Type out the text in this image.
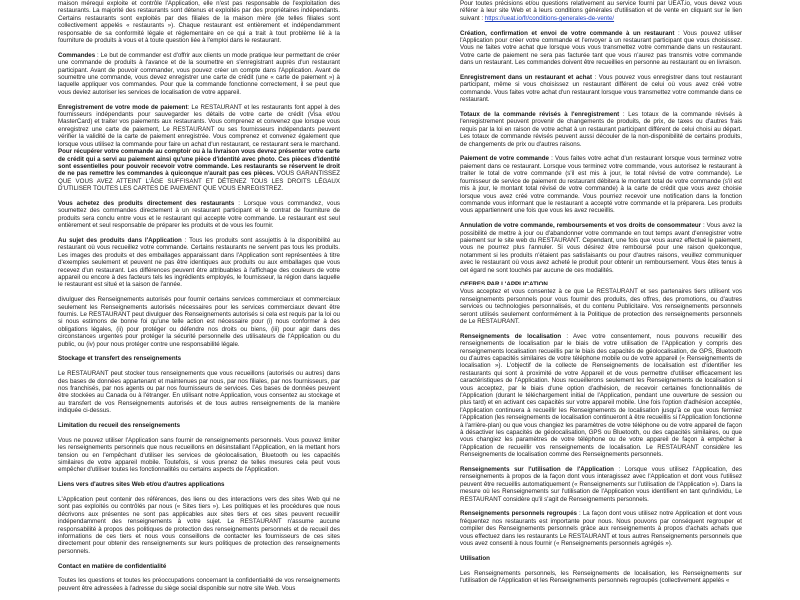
maison mérequi exploite et contrôle l'Application, elle n'est pas responsable de l'exploitation des restaurants. La majorité des restaurants sont détenus et exploités par des propriétaires indépendants. Certains restaurants sont exploités par des filiales de la maison mère (de telles filiales sont collectivement appelés « restaurants »). Chaque restaurant est entièrement et indépendamment responsable de sa conformité légale et réglementaire en ce qui a trait à tout problème lié à la fourniture de produits à vous et à toute question liée à l'emploi dans le restaurant.

Commandes : Le but de commander est d'offrir aux clients un mode pratique leur permettant de créer une commande de produits à l'avance et de la soumettre en s'enregistrant auprès d'un restaurant participant. Avant de pouvoir commander, vous pouvez créer un compte dans l'Application. Avant de soumettre une commande, vous devez enregistrer une carte de crédit (une « carte de paiement ») à laquelle appliquer vos commandes. Pour que la commande fonctionne correctement, il se peut que vous deviez autoriser les services de localisation de votre appareil.

Enregistrement de votre mode de paiement: Le RESTAURANT et les restaurants font appel à des fournisseurs indépendants pour sauvegarder les détails de votre carte de crédit (Visa et/ou MasterCard) et traiter vos paiements aux restaurants. Vous comprenez et convenez que lorsque vous enregistrez une carte de paiement, Le RESTAURANT ou ses fournisseurs indépendants peuvent vérifier la validité de la carte de paiement enregistrée. Vous comprenez et convenez également que lorsque vous utilisez la commande pour faire un achat d'un restaurant, ce restaurant sera le marchand. Pour récupérer votre commande au comptoir ou à la livraison vous devrez présenter votre carte de crédit qui a servi au paiement ainsi qu'une pièce d'identité avec photo. Ces pièces d'identité sont essentielles pour pouvoir recevoir votre commande. Les restaurants se réservent le droit de ne pas remettre les commandes à quiconque n'aurait pas ces pièces. VOUS GARANTISSEZ QUE VOUS AVEZ ATTEINT L'ÂGE SUFFISANT ET DÉTENEZ TOUS LES DROITS LÉGAUX D'UTILISER TOUTES LES CARTES DE PAIEMENT QUE VOUS ENREGISTREZ.

Vous achetez des produits directement des restaurants : Lorsque vous commandez, vous soumettez des commandes directement à un restaurant participant et le contrat de fourniture de produits sera conclu entre vous et le restaurant qui accepte votre commande. Le restaurant est seul entièrement et seul responsable de préparer les produits et de vous les fournir.

Au sujet des produits dans l'Application : Tous les produits sont assujettis à la disponibilité au restaurant où vous recueillez votre commande. Certains restaurants ne servent pas tous les produits. Les images des produits et des emballages apparaissant dans l'Application sont représentées à titre d'exemples seulement et peuvent ne pas être identiques aux produits ou aux emballages que vous recevez d'un restaurant. Les différences peuvent être attribuables à l'affichage des couleurs de votre appareil ou encore à des facteurs tels les ingrédients employés, le fournisseur, la région dans laquelle le restaurant est situé et la saison de l'année.

divulguer des Renseignements autorisés pour fournir certains services commerciaux et commerciaux seulement les Renseignements autorisés nécessaires pour les services commerciaux devant être fournis. Le RESTAURANT peut divulguer des Renseignements autorisés si cela est requis par la loi ou si nous estimons de bonne foi qu'une telle action est nécessaire pour (i) nous conformer à des obligations légales, (ii) pour protéger ou défendre nos droits ou biens, (iii) pour agir dans des circonstances urgentes pour protéger la sécurité personnelle des utilisateurs de l'Application ou du public, ou (iv) pour nous protéger contre une responsabilité légale.

Stockage et transfert des renseignements

Le RESTAURANT peut stocker tous renseignements que vous recueillons (autorisés ou autres) dans des bases de données appartenant et maintenues par nous, par nos filiales, par nos fournisseurs, par nos franchisés, par nos agents ou par nos fournisseurs de services. Ces bases de données peuvent être stockées au Canada ou à l'étranger. En utilisant notre Application, vous consentez au stockage et au transfert de vos Renseignements autorisés et de tous autres renseignements de la manière indiquée ci-dessus.

Limitation du recueil des renseignements

Vous ne pouvez utiliser l'Application sans fournir de renseignements personnels. Vous pouvez limiter les renseignements personnels que nous recueillons en désinstallant l'Application, en la mettant hors tension ou en l'empêchant d'utiliser les services de géolocalisation, Bluetooth ou les capacités similaires de votre appareil mobile. Toutefois, si vous prenez de telles mesures cela peut vous empêcher d'utiliser toutes les fonctionnalités ou certains aspects de l'Application.

Liens vers d'autres sites Web et/ou d'autres applications

L'Application peut contenir des références, des liens ou des interactions vers des sites Web qui ne sont pas exploités ou contrôlés par nous (« Sites tiers »). Les politiques et les procédures que nous décrivons aux présentes ne sont pas applicables aux sites tiers et ces sites peuvent recueillir indépendamment des renseignements à votre sujet. Le RESTAURANT n'assume aucune responsabilité à propos des politiques de protection des renseignements personnels et de recueil des informations de ces tiers et nous vous conseillons de contacter les fournisseurs de ces sites directement pour obtenir des renseignements sur leurs politiques de protection des renseignements personnels.

Contact en matière de confidentialité

Toutes les questions et toutes les préoccupations concernant la confidentialité de vos renseignements peuvent être adressées à l'adresse du siège social disponible sur notre site Web. Vous

Pour toutes précisions et/ou questions relativement au service fourni par UEAT.io, vous devez vous référer à leur site Web et à leurs conditions générales d'utilisation et de vente en cliquant sur le lien suivant : https://ueat.io/fr/conditions-generales-de-vente/

Création, confirmation et envoi de votre commande à un restaurant : Vous pouvez utiliser l'Application pour créer votre commande et l'envoyer à un restaurant participant que vous choisissez. Vous ne faites votre achat que lorsque vous vous transmettez votre commande dans un restaurant. Votre carte de paiement ne sera pas facturée tant que vous n'aurez pas transmis votre commande dans un restaurant. Les commandes doivent être recueillies en personne au restaurant ou en livraison.

Enregistrement dans un restaurant et achat : Vous pouvez vous enregistrer dans tout restaurant participant, même si vous choisissez un restaurant différent de celui où vous avez créé votre commande. Vous faites votre achat d'un restaurant lorsque vous transmettez votre commande dans ce restaurant.

Totaux de la commande révisés à l'enregistrement : Les totaux de la commande révisés à l'enregistrement peuvent provenir de changements de produits, de prix, de taxes ou d'autres frais requis par la loi en raison de votre achat à un restaurant participant différent de celui choisi au départ. Les totaux de commande révisés peuvent aussi découler de la non-disponibilité de certains produits, de changements de prix ou d'autres raisons.

Paiement de votre commande : Vous faites votre achat d'un restaurant lorsque vous terminez votre paiement dans ce restaurant. Lorsque vous terminez votre commande, vous autorisez le restaurant à traiter le total de votre commande (s'il est mis à jour, le total révisé de votre commande). Le fournisseur de service de paiement du restaurant débitera le montant total de votre commande (s'il est mis à jour, le montant total révisé de votre commande) à la carte de crédit que vous avez choisie lorsque vous avez créé votre commande. Vous pourriez recevoir une notification dans la fonction commande vous informant que le restaurant a accepté votre commande et la préparera. Les produits vous appartiennent une fois que vous les avez recueillis.

Annulation de votre commande, remboursements et vos droits de consommateur : Vous avez la possibilité de mettre à jour ou d'abandonner votre commande en tout temps avant d'enregistrer votre paiement sur le site web du RESTAURANT. Cependant, une fois que vous aurez effectué le paiement, vous ne pourrez plus l'annuler. Si vous désirez être remboursé pour une raison quelconque, notamment si les produits n'étaient pas satisfaisants ou pour d'autres raisons, veuillez communiquer avec le restaurant où vous avez acheté le produit pour obtenir un remboursement. Vous êtes tenus à cet égard ne sont touchés par aucune de ces modalités.

OFFRES PAR L'APPLICATION

Vous acceptez et vous consentez à ce que Le RESTAURANT et ses partenaires tiers utilisent vos renseignements personnels pour vous fournir des produits, des offres, des promotions, ou d'autres services ou technologies personnalisés, et du contenu Publicitaire. Vos renseignements personnels seront utilisés seulement conformément à la Politique de protection des renseignements personnels de Le RESTAURANT.

Renseignements de localisation : Avec votre consentement, nous pouvons recueillir des renseignements de localisation par le biais de votre utilisation de l'Application y compris des renseignements localisation recueillis par le biais des capacités de géolocalisation, de GPS, Bluetooth ou d'autres capacités similaires de votre téléphone mobile ou de votre appareil (« Renseignements de localisation »). L'objectif de la collecte de Renseignements de localisation est d'identifier les restaurants qui sont à proximité de votre Appareil et de vous permettre d'utiliser efficacement les caractéristiques de l'Application. Nous recueillerons seulement les Renseignements de localisation si vous acceptez, par le biais d'une option d'adhésion, de recevoir certaines fonctionnalités de l'Application (durant le téléchargement initial de l'Application, pendant une ouverture de session ou plus tard) et en activant ces capacités sur votre appareil mobile. Une fois l'option d'adhésion acceptée, l'Application continuera à recueillir les Renseignements de localisation jusqu'à ce que vous fermiez l'Application (les renseignements de localisation continueront à être recueillis si l'Application fonctionne à l'arrière-plan) ou que vous changiez les paramètres de votre téléphone ou de votre appareil de façon à désactiver les capacités de géolocalisation, GPS ou Bluetooth, ou des capacités similaires, ou que vous changiez les paramètres de votre téléphone ou de votre appareil de façon à empêcher à l'Application de recueillir vos renseignements de localisation. Le RESTAURANT considère les Renseignements de localisation comme des Renseignements personnels.

Renseignements sur l'utilisation de l'Application : Lorsque vous utilisez l'Application, des renseignements à propos de la façon dont vous interagissez avec l'Application et dont vous l'utilisez peuvent être recueillis automatiquement (« Renseignements sur l'utilisation de l'Application »). Dans la mesure où les Renseignements sur l'utilisation de l'Application vous identifient en tant qu'individu, Le RESTAURANT considère qu'il s'agit de Renseignements personnels.

Renseignements personnels regroupés : La façon dont vous utilisez notre Application et dont vous fréquentez nos restaurants est importante pour nous. Nous pouvons par conséquent regrouper et compiler des Renseignements personnels grâce aux renseignements à propos d'achats achats que vous effectuez dans les restaurants Le RESTAURANT et tous autres Renseignements personnels que vous avez consenti à nous fournir (« Renseignements personnels agrégés »).

Utilisation

Les Renseignements personnels, les Renseignements de localisation, les Renseignements sur l'utilisation de l'Application et les Renseignements personnels regroupés (collectivement appelés «
